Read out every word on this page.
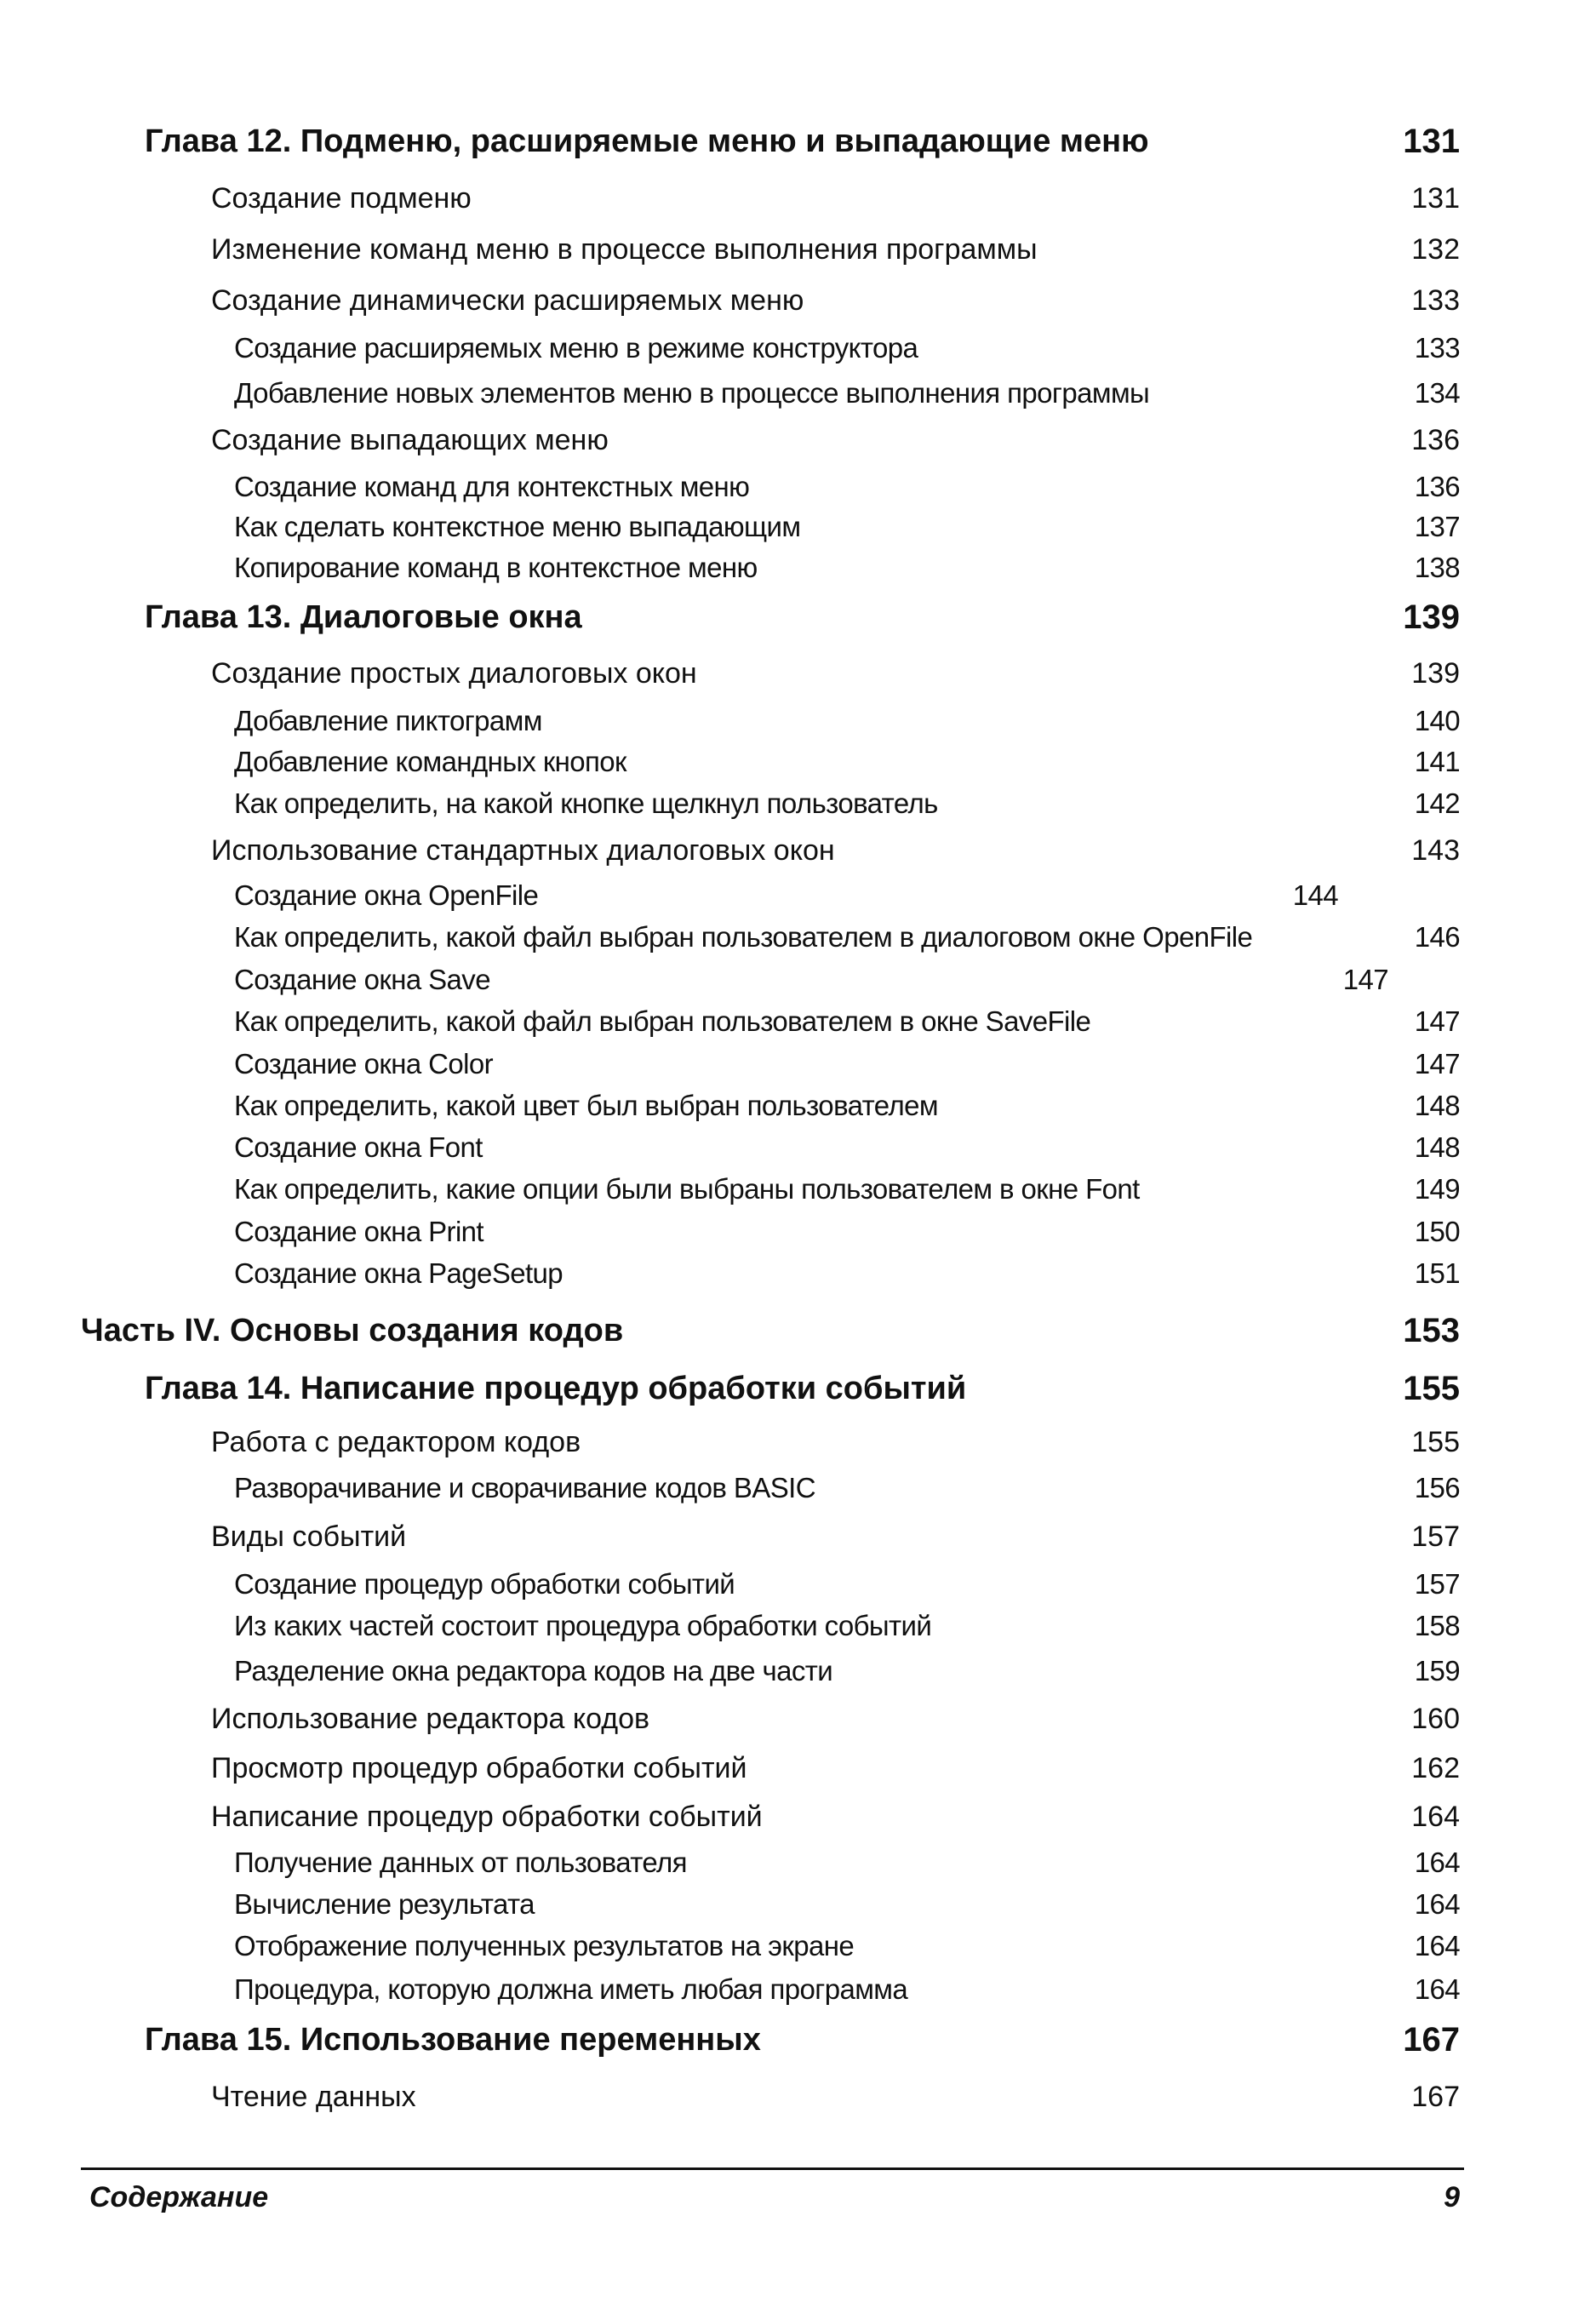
Глава 12. Подменю, расширяемые меню и выпадающие меню	131
Создание подменю	131
Изменение команд меню в процессе выполнения программы	132
Создание динамически расширяемых меню	133
Создание расширяемых меню в режиме конструктора	133
Добавление новых элементов меню в процессе выполнения программы	134
Создание выпадающих меню	136
Создание команд для контекстных меню	136
Как сделать контекстное меню выпадающим	137
Копирование команд в контекстное меню	138
Глава 13. Диалоговые окна	139
Создание простых диалоговых окон	139
Добавление пиктограмм	140
Добавление командных кнопок	141
Как определить, на какой кнопке щелкнул пользователь	142
Использование стандартных диалоговых окон	143
Создание окна OpenFile	144
Как определить, какой файл выбран пользователем в диалоговом окне OpenFile	146
Создание окна Save	147
Как определить, какой файл выбран пользователем в окне SaveFile	147
Создание окна Color	147
Как определить, какой цвет был выбран пользователем	148
Создание окна Font	148
Как определить, какие опции были выбраны пользователем в окне Font	149
Создание окна Print	150
Создание окна PageSetup	151
Часть IV. Основы создания кодов	153
Глава 14. Написание процедур обработки событий	155
Работа с редактором кодов	155
Разворачивание и сворачивание кодов BASIC	156
Виды событий	157
Создание процедур обработки событий	157
Из каких частей состоит процедура обработки событий	158
Разделение окна редактора кодов на две части	159
Использование редактора кодов	160
Просмотр процедур обработки событий	162
Написание процедур обработки событий	164
Получение данных от пользователя	164
Вычисление результата	164
Отображение полученных результатов на экране	164
Процедура, которую должна иметь любая программа	164
Глава 15. Использование переменных	167
Чтение данных	167
Содержание	9
